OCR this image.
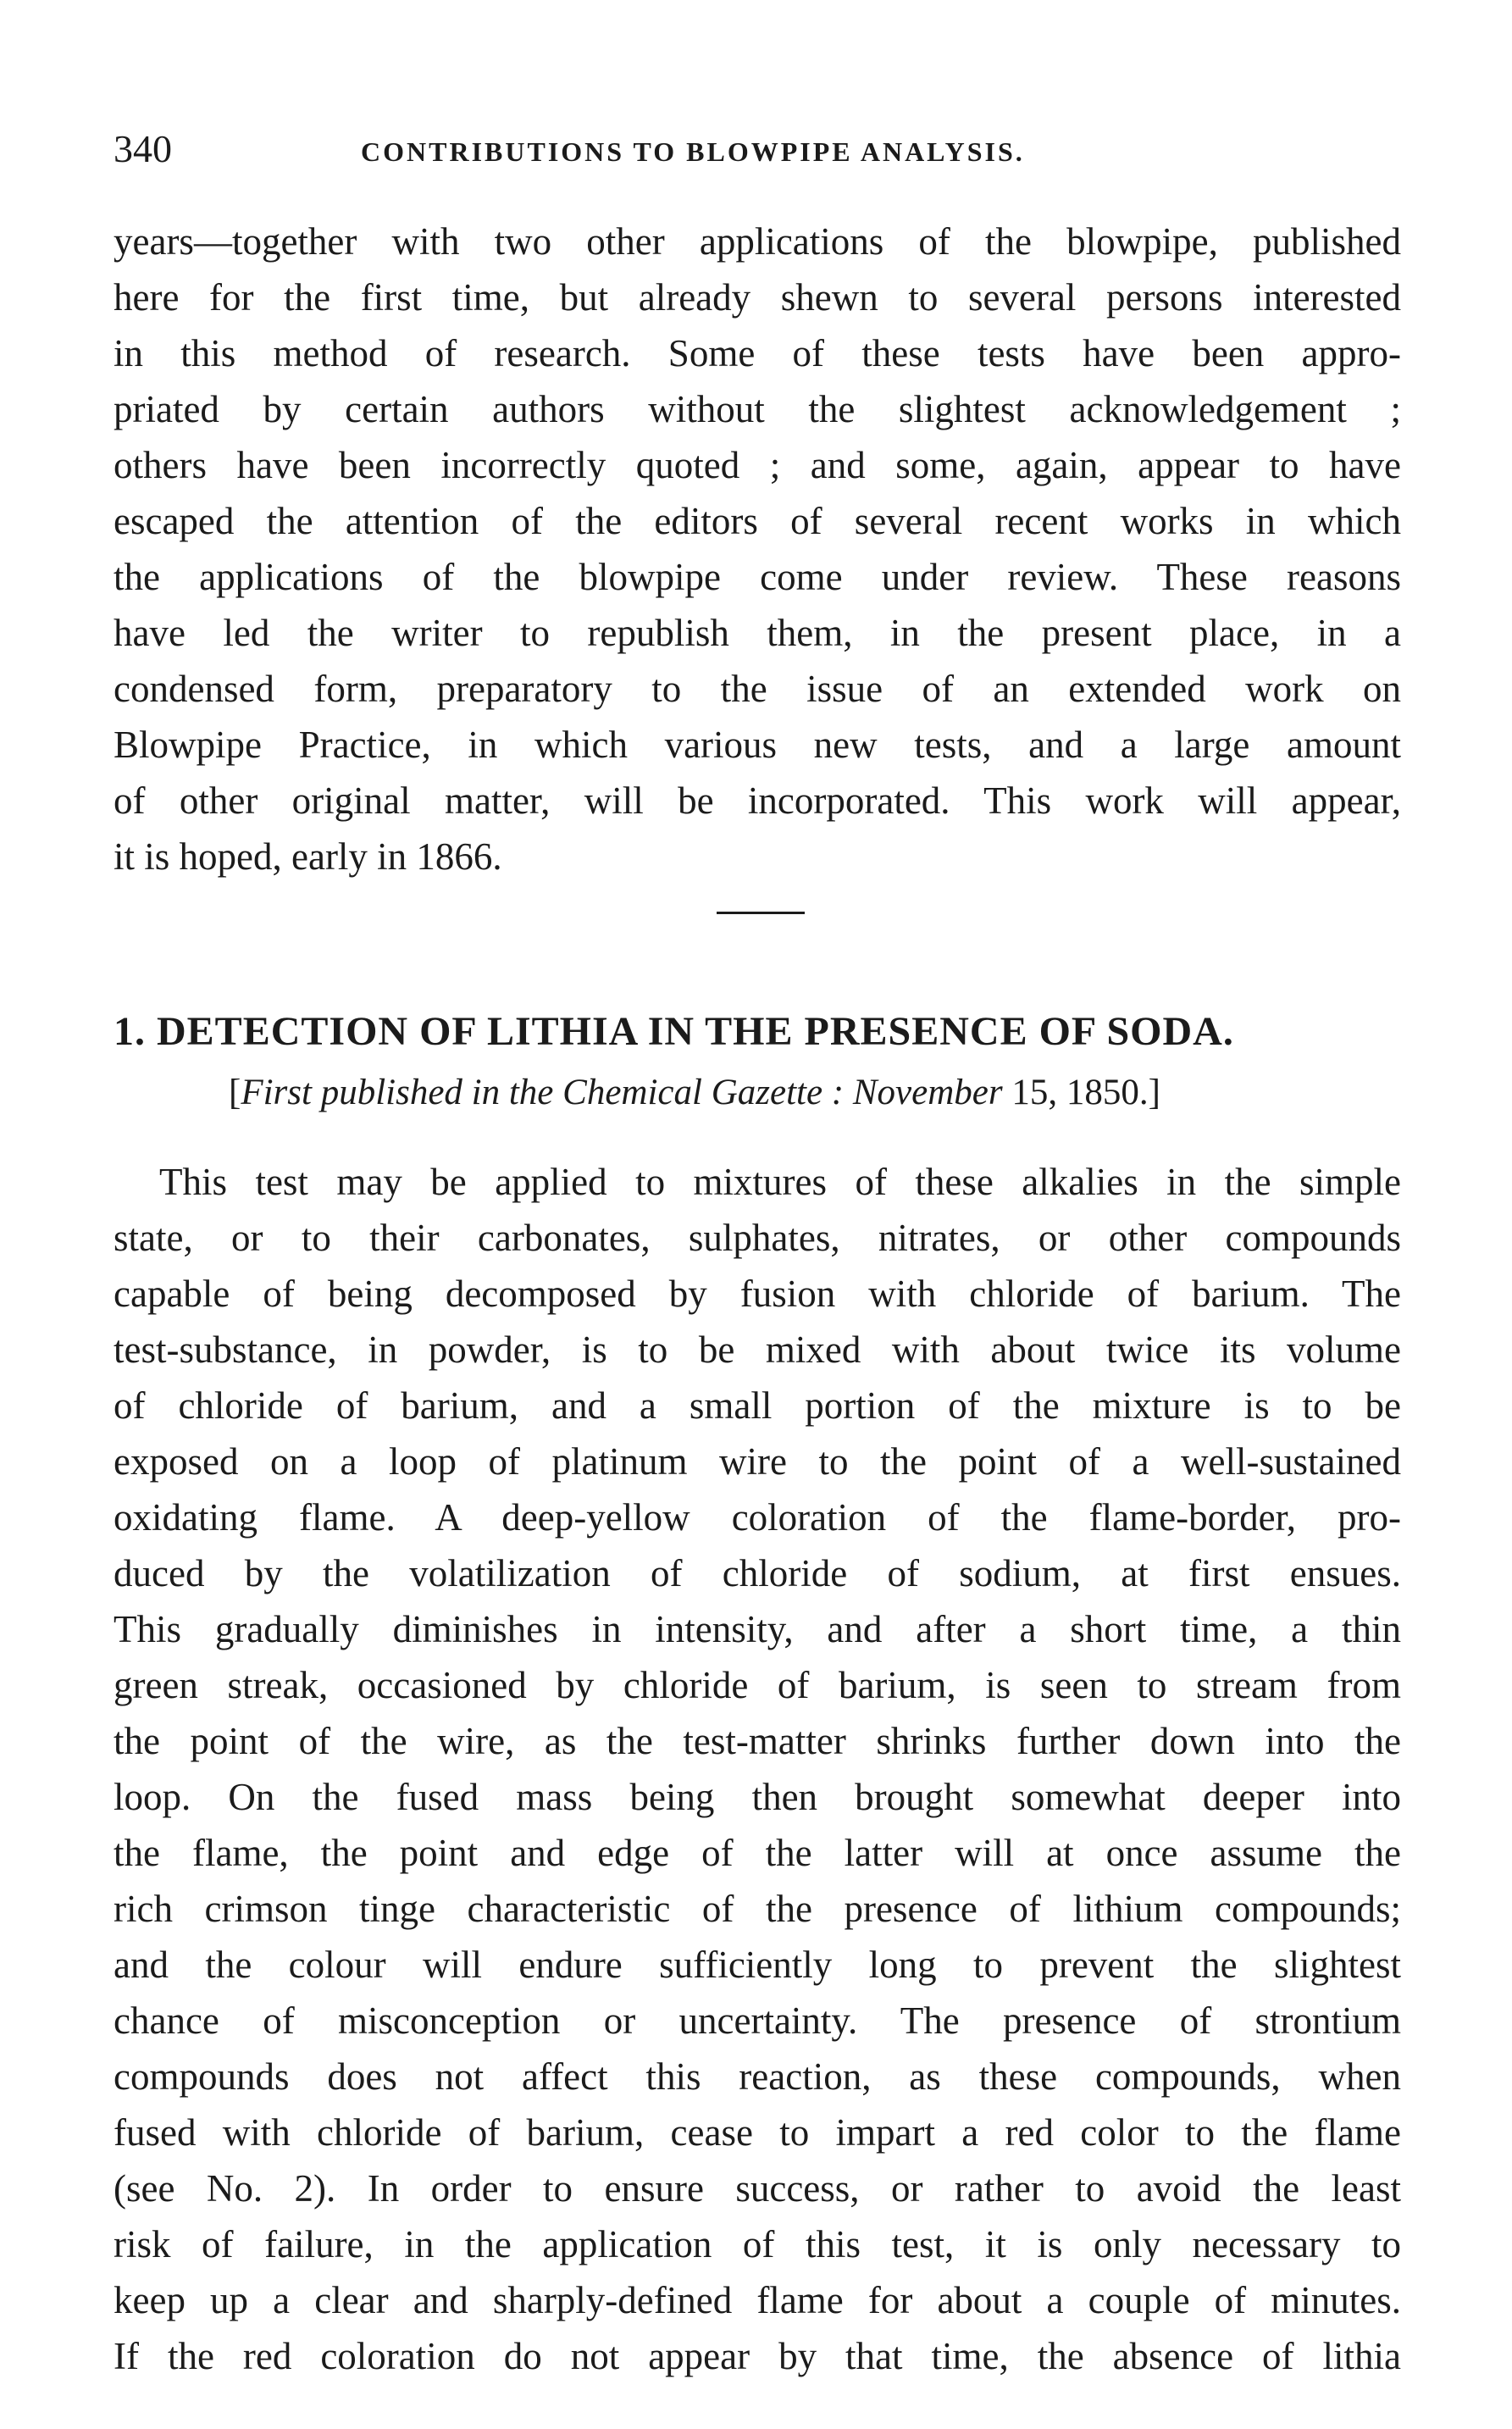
340	CONTRIBUTIONS TO BLOWPIPE ANALYSIS.

years—together with two other applications of the blowpipe, published
here for the first time, but already shewn to several persons interested
in this method of research. Some of these tests have been appro-
priated by certain authors without the slightest acknowledgement ;
others have been incorrectly quoted ; and some, again, appear to have
escaped the attention of the editors of several recent works in which
the applications of the blowpipe come under review. These reasons
have led the writer to republish them, in the present place, in a
condensed form, preparatory to the issue of an extended work on
Blowpipe Practice, in which various new tests, and a large amount
of other original matter, will be incorporated. This work will appear,
it is hoped, early in 1866.

1. DETECTION OF LITHIA IN THE PRESENCE OF SODA.
[First published in the Chemical Gazette : November 15, 1850.]

This test may be applied to mixtures of these alkalies in the simple
state, or to their carbonates, sulphates, nitrates, or other compounds
capable of being decomposed by fusion with chloride of barium. The
test-substance, in powder, is to be mixed with about twice its volume
of chloride of barium, and a small portion of the mixture is to be
exposed on a loop of platinum wire to the point of a well-sustained
oxidating flame. A deep-yellow coloration of the flame-border, pro-
duced by the volatilization of chloride of sodium, at first ensues.
This gradually diminishes in intensity, and after a short time, a thin
green streak, occasioned by chloride of barium, is seen to stream from
the point of the wire, as the test-matter shrinks further down into the
loop. On the fused mass being then brought somewhat deeper into
the flame, the point and edge of the latter will at once assume the
rich crimson tinge characteristic of the presence of lithium compounds;
and the colour will endure sufficiently long to prevent the slightest
chance of misconception or uncertainty. The presence of strontium
compounds does not affect this reaction, as these compounds, when
fused with chloride of barium, cease to impart a red color to the flame
(see No. 2). In order to ensure success, or rather to avoid the least
risk of failure, in the application of this test, it is only necessary to
keep up a clear and sharply-defined flame for about a couple of minutes.
If the red coloration do not appear by that time, the absence of lithia
